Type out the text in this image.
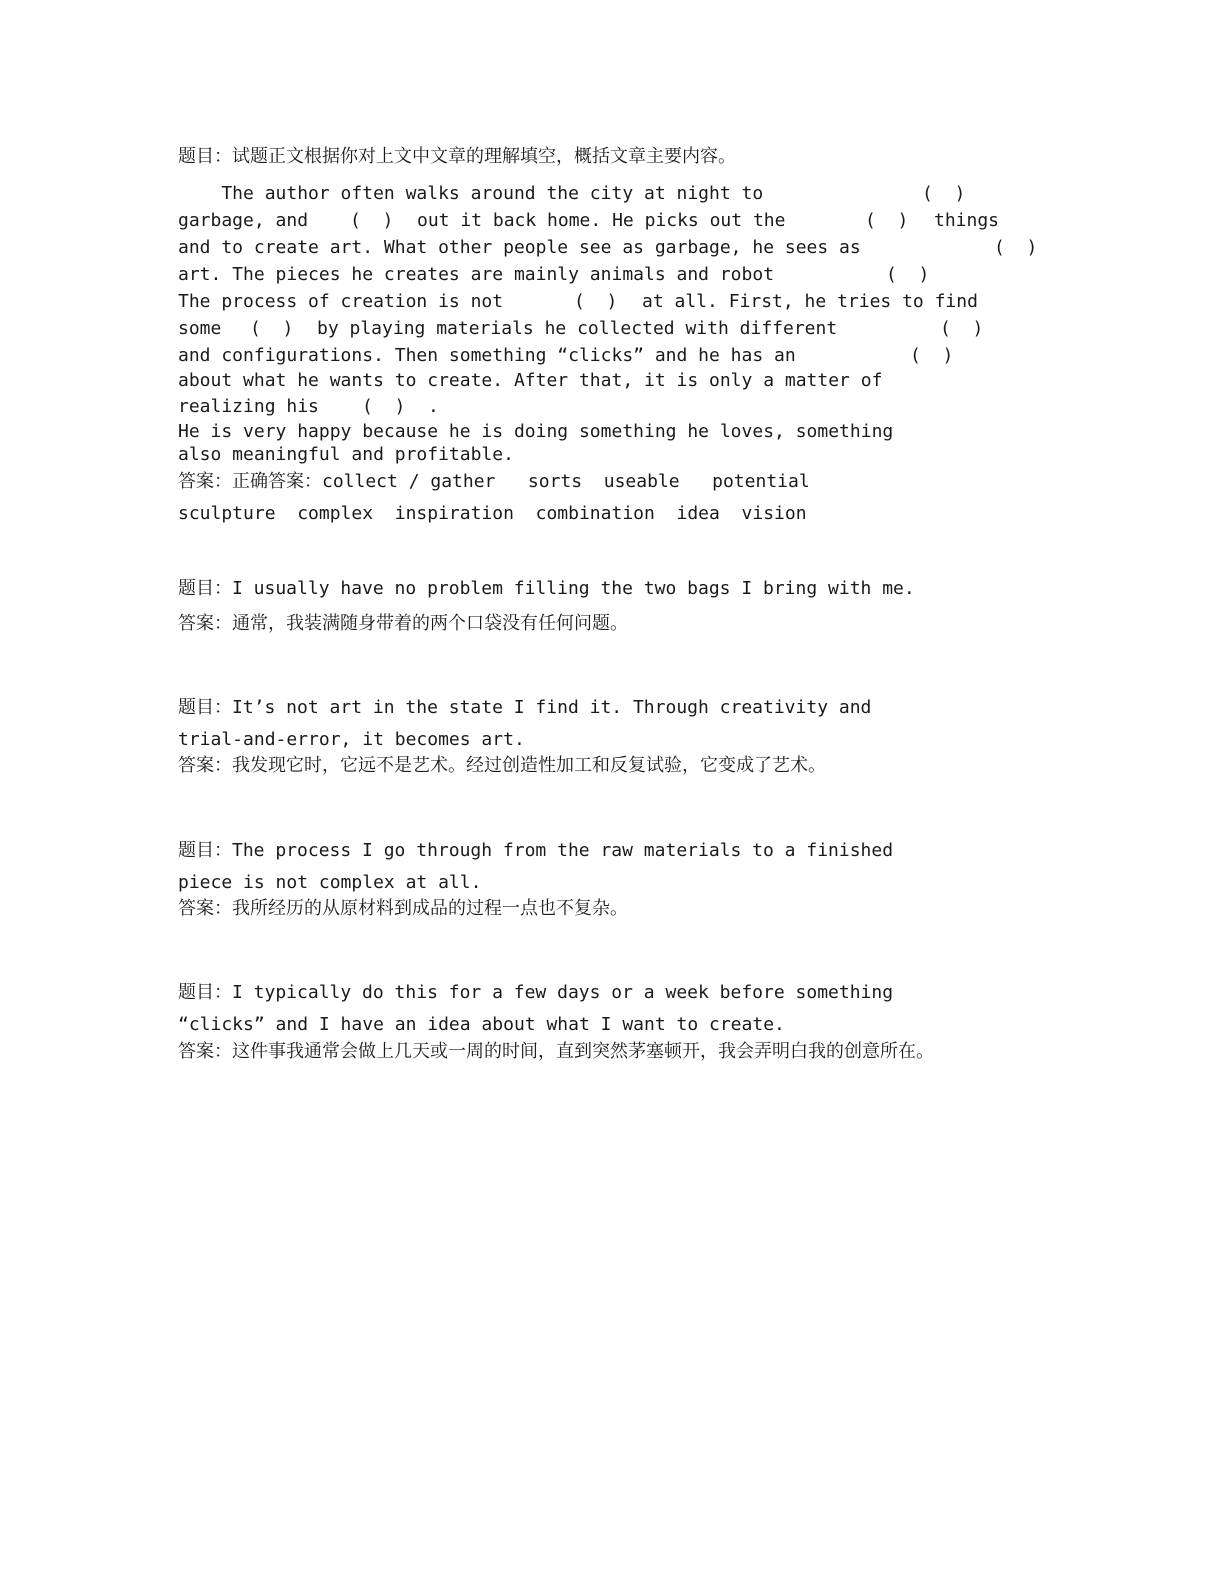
题目：试题正文根据你对上文中文章的理解填空，概括文章主要内容。
The author often walks around the city at night to	(  )
garbage, and (  ) out it back home. He picks out the	(  ) things
and to create art. What other people see as garbage, he sees as	(  )
art. The pieces he creates are mainly animals and robot	(  )
The process of creation is not	(  ) at all. First, he tries to find
some (  ) by playing materials he collected with different	(  )
and configurations. Then something “clicks” and he has an	(  )
about what he wants to create. After that, it is only a matter of
realizing his (  ) .
He is very happy because he is doing something he loves, something
also meaningful and profitable.
答案：正确答案：collect / gather   sorts  useable   potential
sculpture  complex  inspiration  combination  idea  vision
题目：I usually have no problem filling the two bags I bring with me.
答案：通常，我装满随身带着的两个口袋没有任何问题。
题目：It’s not art in the state I find it. Through creativity and
trial-and-error, it becomes art.
答案：我发现它时，它远不是艺术。经过创造性加工和反复试验，它变成了艺术。
题目：The process I go through from the raw materials to a finished
piece is not complex at all.
答案：我所经历的从原材料到成品的过程一点也不复杂。
题目：I typically do this for a few days or a week before something
“clicks” and I have an idea about what I want to create.
答案：这件事我通常会做上几天或一周的时间，直到突然茅塞顿开，我会弄明白我的创意所在。
